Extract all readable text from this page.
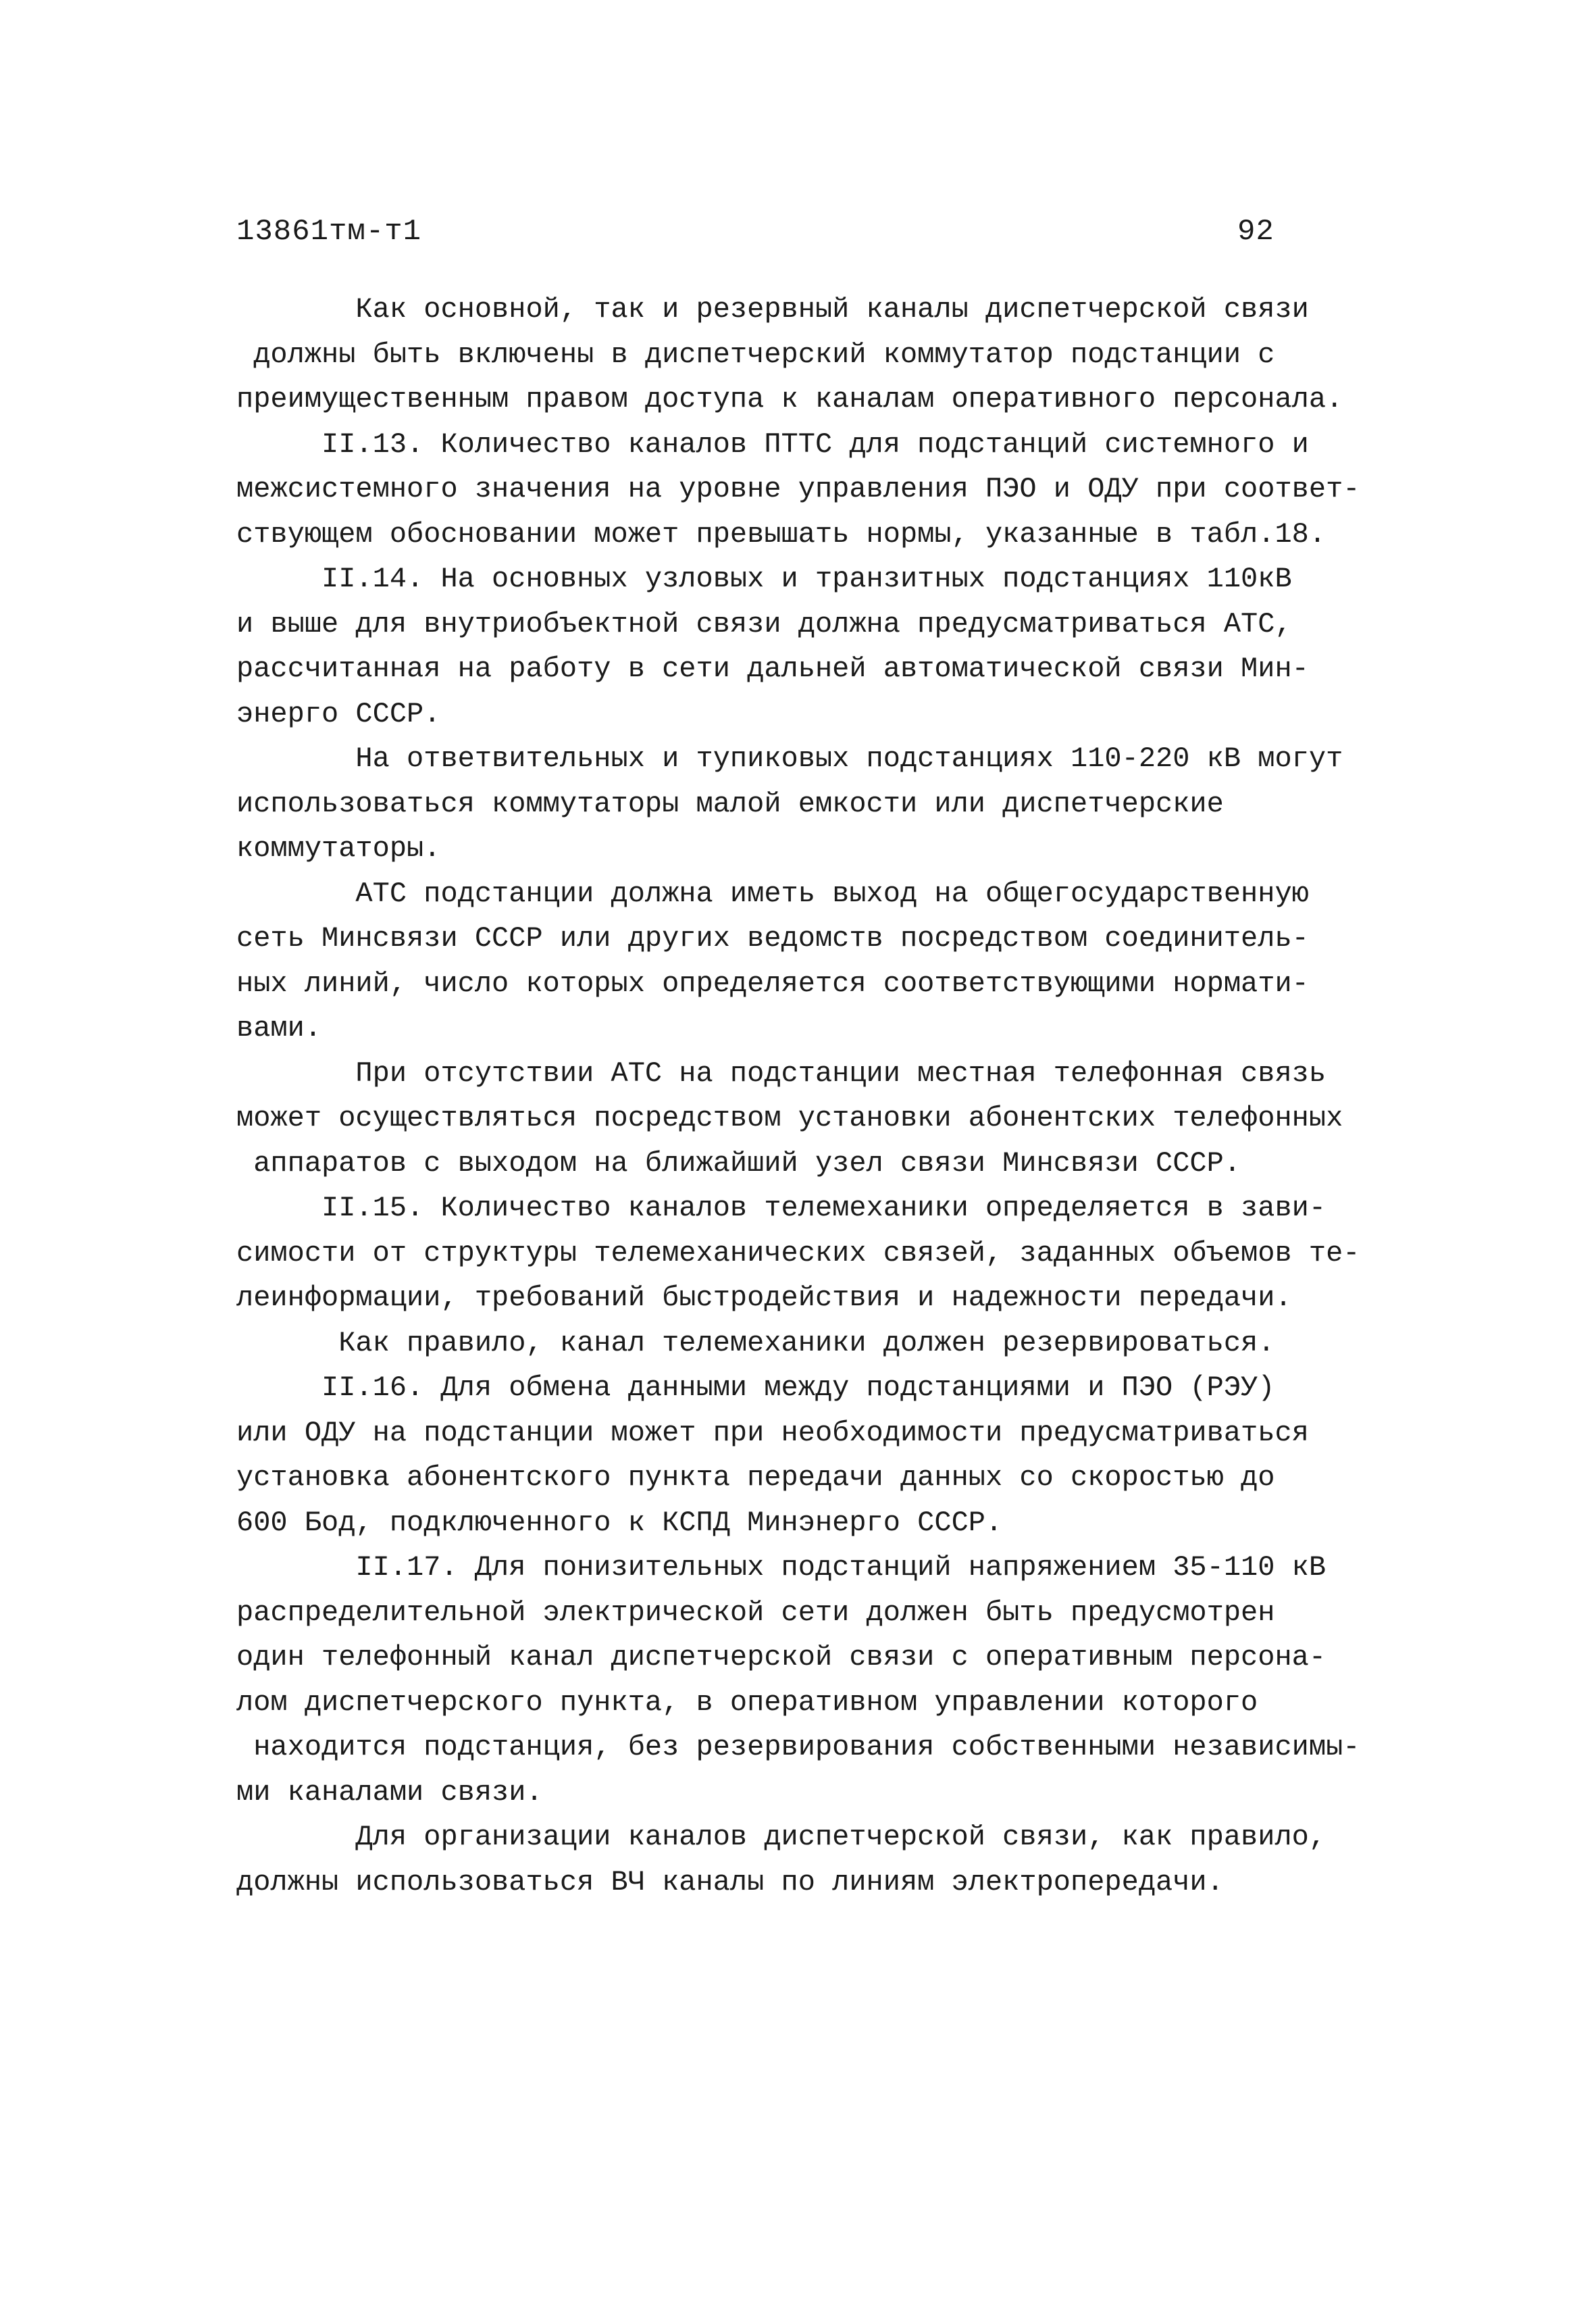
13861тм-т1	92
Как основной, так и резервный каналы диспетчерской связи
должны быть включены в диспетчерский коммутатор подстанции с
преимущественным правом доступа к каналам оперативного персонала.
II.13. Количество каналов ПТТС для подстанций системного и
межсистемного значения на уровне управления ПЭО и ОДУ при соответ-
ствующем обосновании может превышать нормы, указанные в табл.18.
II.14. На основных узловых и транзитных подстанциях 110кВ
и выше для внутриобъектной связи должна предусматриваться АТС,
рассчитанная на работу в сети дальней автоматической связи Мин-
энерго СССР.
На ответвительных и тупиковых подстанциях 110-220 кВ могут
использоваться коммутаторы малой емкости или диспетчерские
коммутаторы.
АТС подстанции должна иметь выход на общегосударственную
сеть Минсвязи СССР или других ведомств посредством соединитель-
ных линий, число которых определяется соответствующими нормати-
вами.
При отсутствии АТС на подстанции местная телефонная связь
может осуществляться посредством установки абонентских телефонных
аппаратов с выходом на ближайший узел связи Минсвязи СССР.
II.15. Количество каналов телемеханики определяется в зави-
симости от структуры телемеханических связей, заданных объемов те-
леинформации, требований быстродействия и надежности передачи.
Как правило, канал телемеханики должен резервироваться.
II.16. Для обмена данными между подстанциями и ПЭО (РЭУ)
или ОДУ на подстанции может при необходимости предусматриваться
установка абонентского пункта передачи данных со скоростью до
600 Бод, подключенного к КСПД Минэнерго СССР.
II.17. Для понизительных подстанций напряжением 35-110 кВ
распределительной электрической сети должен быть предусмотрен
один телефонный канал диспетчерской связи с оперативным персона-
лом диспетчерского пункта, в оперативном управлении которого
находится подстанция, без резервирования собственными независимы-
ми каналами связи.
Для организации каналов диспетчерской связи, как правило,
должны использоваться ВЧ каналы по линиям электропередачи.
